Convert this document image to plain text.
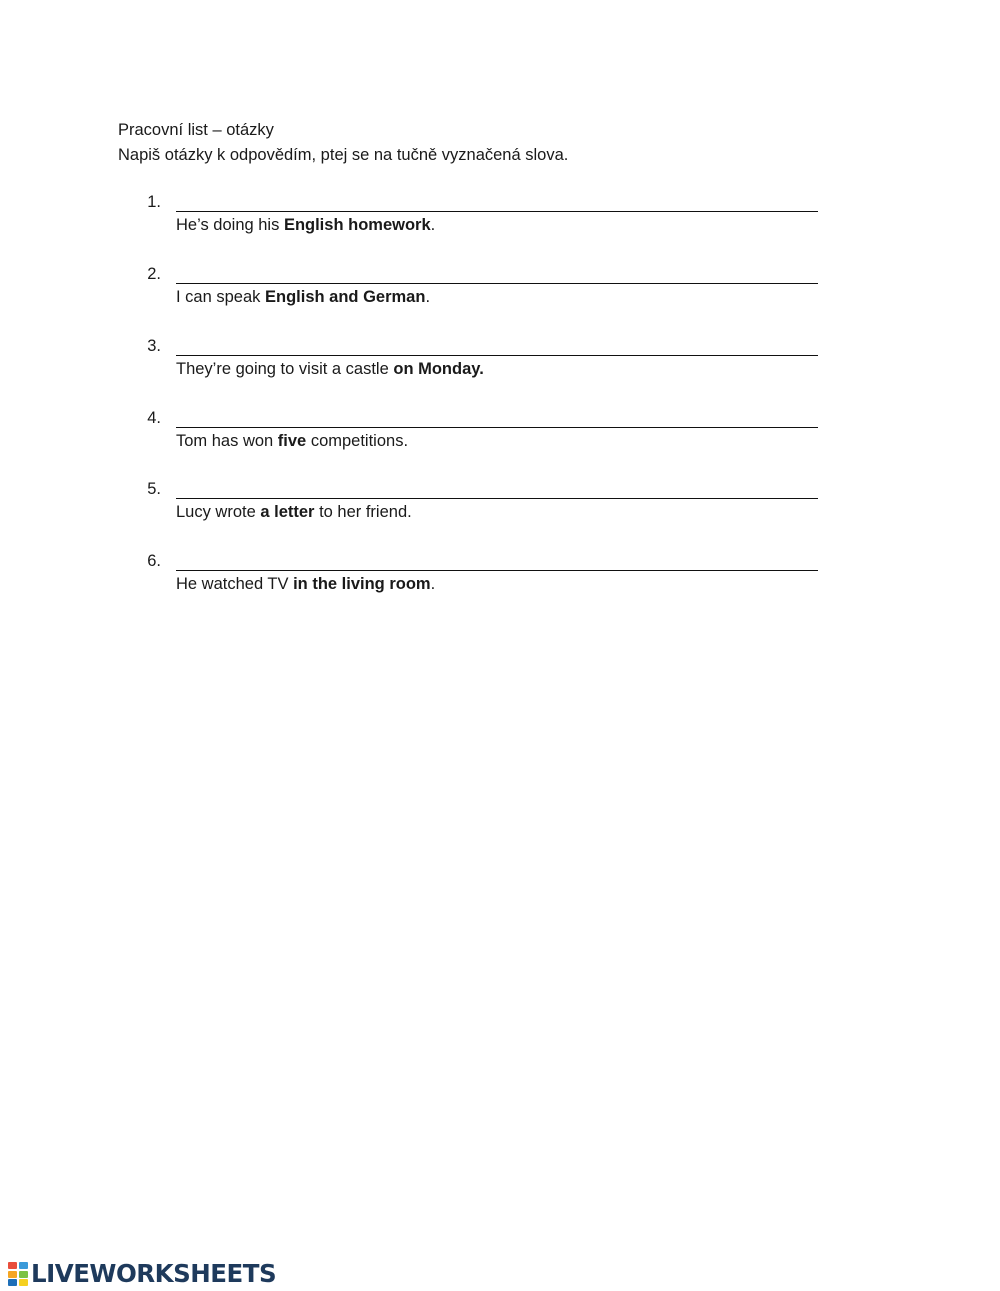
Pracovní list – otázky
Napiš otázky k odpovědím, ptej se na tučně vyznačená slova.
1.
He’s doing his English homework.
2.
I can speak English and German.
3.
They’re going to visit a castle on Monday.
4.
Tom has won five competitions.
5.
Lucy wrote a letter to her friend.
6.
He watched TV in the living room.
LIVEWORKSHEETS
